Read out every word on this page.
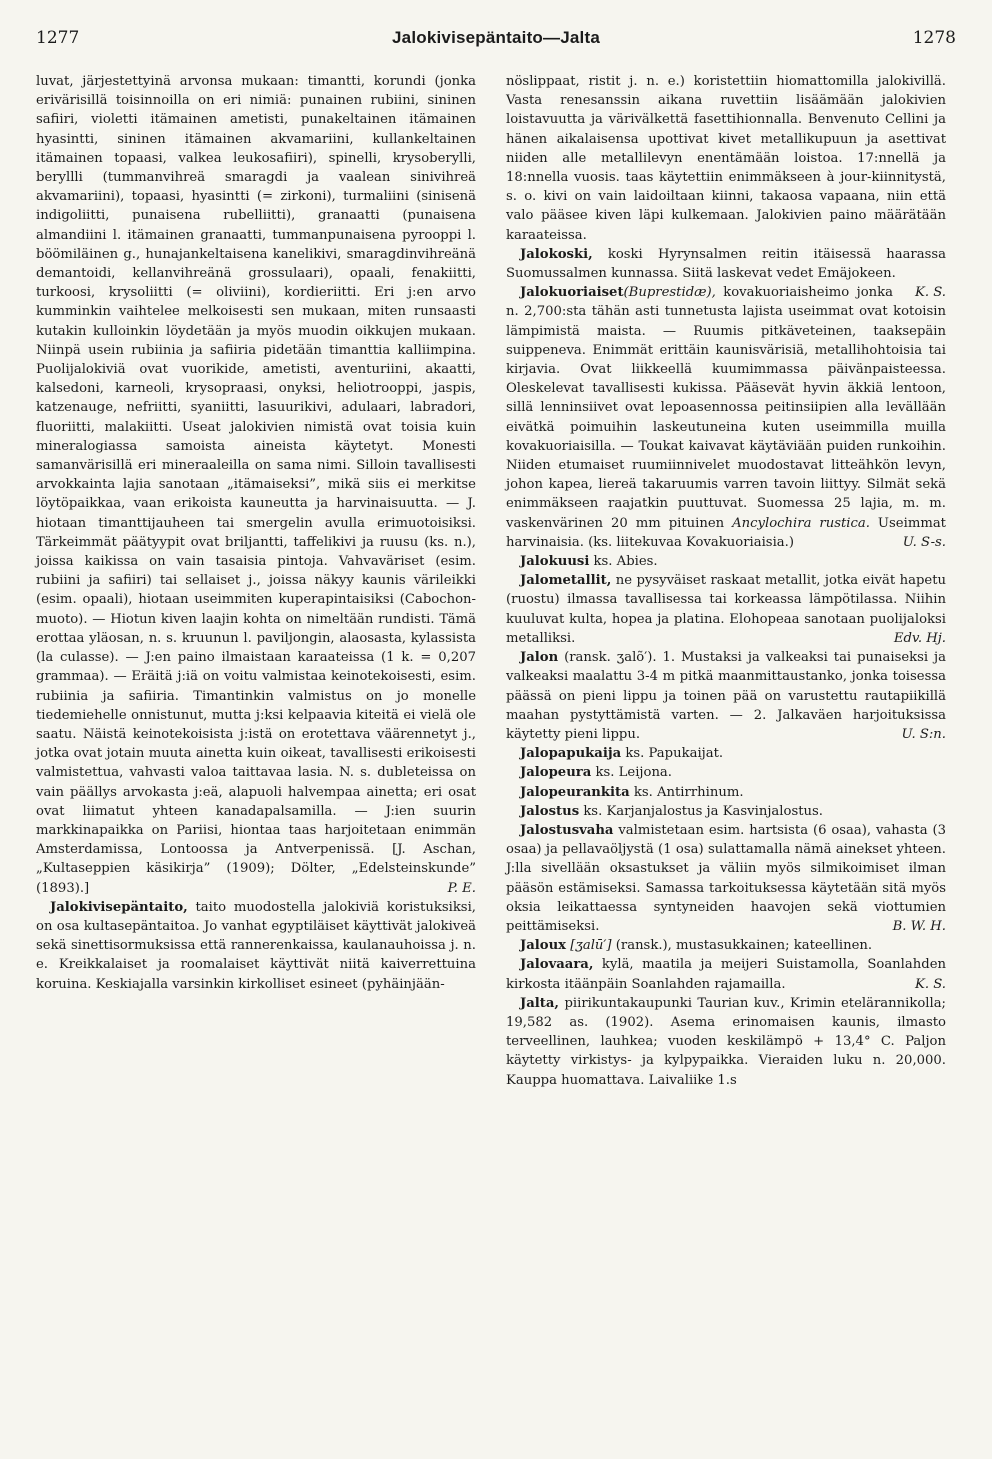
1277	Jalokivisepäntaito—Jalta	1278

luvat, järjestettyinä arvonsa mukaan: timantti, korundi (jonka erivärisillä toisinnoilla on eri nimiä: punainen rubiini, sininen safiiri, violetti itämainen ametisti, punakeltainen itämainen hyasintti, sininen itämainen akvamariini, kullankeltainen itämainen topaasi, valkea leukosafiiri), spinelli, krysoberylli, beryllli (tummanvihreä smaragdi ja vaalean sinivihreä akvamariini), topaasi, hyasintti (= zirkoni), turmaliini (sinisenä indigoliitti, punaisena rubelliitti), granaatti (punaisena almandiini l. itämainen granaatti, tummanpunaisena pyrooppi l. böömiläinen g., hunajankeltaisena kanelikivi, smaragdinvihreänä demantoidi, kellanvihreänä grossulaari), opaali, fenakiitti, turkoosi, krysoliitti (= oliviini), kordieriitti. Eri j:en arvo kumminkin vaihtelee melkoisesti sen mukaan, miten runsaasti kutakin kulloinkin löydetään ja myös muodin oikkujen mukaan. Niinpä usein rubiinia ja safiiria pidetään timanttia kalliimpina. Puolijalokiviä ovat vuorikide, ametisti, aventuriini, akaatti, kalsedoni, karneoli, krysopraasi, onyksi, heliotrooppi, jaspis, katzenauge, nefriitti, syaniitti, lasuurikivi, adulaari, labradori, fluoriitti, malakiitti. Useat jalokivien nimistä ovat toisia kuin mineralogiassa samoista aineista käytetyt. Monesti samanvärisillä eri mineraaleilla on sama nimi. Silloin tavallisesti arvokkainta lajia sanotaan „itämaiseksi”, mikä siis ei merkitse löytöpaikkaa, vaan erikoista kauneutta ja harvinaisuutta. — J. hiotaan timanttijauheen tai smergelin avulla erimuotoisiksi. Tärkeimmät päätyypit ovat briljantti, taffelikivi ja ruusu (ks. n.), joissa kaikissa on vain tasaisia pintoja. Vahvaväriset (esim. rubiini ja safiiri) tai sellaiset j., joissa näkyy kaunis värileikki (esim. opaali), hiotaan useimmiten kuperapintaisiksi (Cabochon-muoto). — Hiotun kiven laajin kohta on nimeltään rundisti. Tämä erottaa yläosan, n. s. kruunun l. paviljongin, alaosasta, kylassista (la culasse). — J:en paino ilmaistaan karaateissa (1 k. = 0,207 grammaa). — Eräitä j:iä on voitu valmistaa keinotekoisesti, esim. rubiinia ja safiiria. Timantinkin valmistus on jo monelle tiedemiehelle onnistunut, mutta j:ksi kelpaavia kiteitä ei vielä ole saatu. Näistä keinotekoisista j:istä on erotettava väärennetyt j., jotka ovat jotain muuta ainetta kuin oikeat, tavallisesti erikoisesti valmistettua, vahvasti valoa taittavaa lasia. N. s. dubleteissa on vain päällys arvokasta j:eä, alapuoli halvempaa ainetta; eri osat ovat liimatut yhteen kanadapalsamilla. — J:ien suurin markkinapaikka on Pariisi, hiontaa taas harjoitetaan enimmän Amsterdamissa, Lontoossa ja Antverpenissä. [J. Aschan, „Kultaseppien käsikirja” (1909); Dölter, „Edelsteinskunde” (1893).]	P. E.

Jalokivisepäntaito, taito muodostella jalokiviä koristuksiksi, on osa kultasepäntaitoa. Jo vanhat egyptiläiset käyttivät jalokiveä sekä sinettisormuksissa että rannerenkaissa, kaulanauhoissa j. n. e. Kreikkalaiset ja roomalaiset käyttivät niitä kaiverrettuina koruina. Keskiajalla varsinkin kirkolliset esineet (pyhäinjään-

nöslippaat, ristit j. n. e.) koristettiin hiomattomilla jalokivillä. Vasta renesanssin aikana ruvettiin lisäämään jalokivien loistavuutta ja värivälkettä fasettihionnalla. Benvenuto Cellini ja hänen aikalaisensa upottivat kivet metallikupuun ja asettivat niiden alle metallilevyn enentämään loistoa. 17:nnellä ja 18:nnella vuosis. taas käytettiin enimmäkseen à jour-kiinnitystä, s. o. kivi on vain laidoiltaan kiinni, takaosa vapaana, niin että valo pääsee kiven läpi kulkemaan. Jalokivien paino määrätään karaateissa.

Jalokoski, koski Hyrynsalmen reitin itäisessä haarassa Suomussalmen kunnassa. Siitä laskevat vedet Emäjokeen.
K. S.

Jalokuoriaiset(Buprestidæ), kovakuoriaisheimo jonka n. 2,700:sta tähän asti tunnetusta lajista useimmat ovat kotoisin lämpimistä maista. — Ruumis pitkäveteinen, taaksepäin suippeneva. Enimmät erittäin kaunisvärisiä, metallihohtoisia tai kirjavia. Ovat liikkeellä kuumimmassa päivänpaisteessa. Oleskelevat tavallisesti kukissa. Pääsevät hyvin äkkiä lentoon, sillä lenninsiivet ovat lepoasennossa peitinsiipien alla levällään eivätkä poimuihin laskeutuneina kuten useimmilla muilla kovakuoriaisilla. — Toukat kaivavat käytäviään puiden runkoihin. Niiden etumaiset ruumiinnivelet muodostavat litteähkön levyn, johon kapea, liereä takaruumis varren tavoin liittyy. Silmät sekä enimmäkseen raajatkin puuttuvat. Suomessa 25 lajia, m. m. vaskenvärinen 20 mm pituinen Ancylochira rustica. Useimmat harvinaisia. (ks. liitekuvaa Kovakuoriaisia.)	U. S-s.

Jalokuusi ks. Abies.

Jalometallit, ne pysyväiset raskaat metallit, jotka eivät hapetu (ruostu) ilmassa tavallisessa tai korkeassa lämpötilassa. Niihin kuuluvat kulta, hopea ja platina. Elohopeaa sanotaan puolijaloksi metalliksi.	Edv. Hj.

Jalon (ransk. ʒalõ′). 1. Mustaksi ja valkeaksi tai punaiseksi ja valkeaksi maalattu 3-4 m pitkä maanmittaustanko, jonka toisessa päässä on pieni lippu ja toinen pää on varustettu rautapiikillä maahan pystyttämistä varten. — 2. Jalkaväen harjoituksissa käytetty pieni lippu.	U. S:n.

Jalopapukaija ks. Papukaijat.

Jalopeura ks. Leijona.

Jalopeurankita ks. Antirrhinum.

Jalostus ks. Karjanjalostus ja Kasvinjalostus.

Jalostusvaha valmistetaan esim. hartsista (6 osaa), vahasta (3 osaa) ja pellavaöljystä (1 osa) sulattamalla nämä ainekset yhteen. J:lla sivellään oksastukset ja väliin myös silmikoimiset ilman pääsön estämiseksi. Samassa tarkoituksessa käytetään sitä myös oksia leikattaessa syntyneiden haavojen sekä viottumien peittämiseksi.	B. W. H.

Jaloux [ʒalū′] (ransk.), mustasukkainen; kateellinen.

Jalovaara, kylä, maatila ja meijeri Suistamolla, Soanlahden kirkosta itäänpäin Soanlahden rajamailla.	K. S.

Jalta, piirikuntakaupunki Taurian kuv., Krimin etelärannikolla; 19,582 as. (1902). Asema erinomaisen kaunis, ilmasto terveellinen, lauhkea; vuoden keskilämpö + 13,4° C. Paljon käytetty virkistys- ja kylpypaikka. Vieraiden luku n. 20,000. Kauppa huomattava. Laivaliike 1.s
